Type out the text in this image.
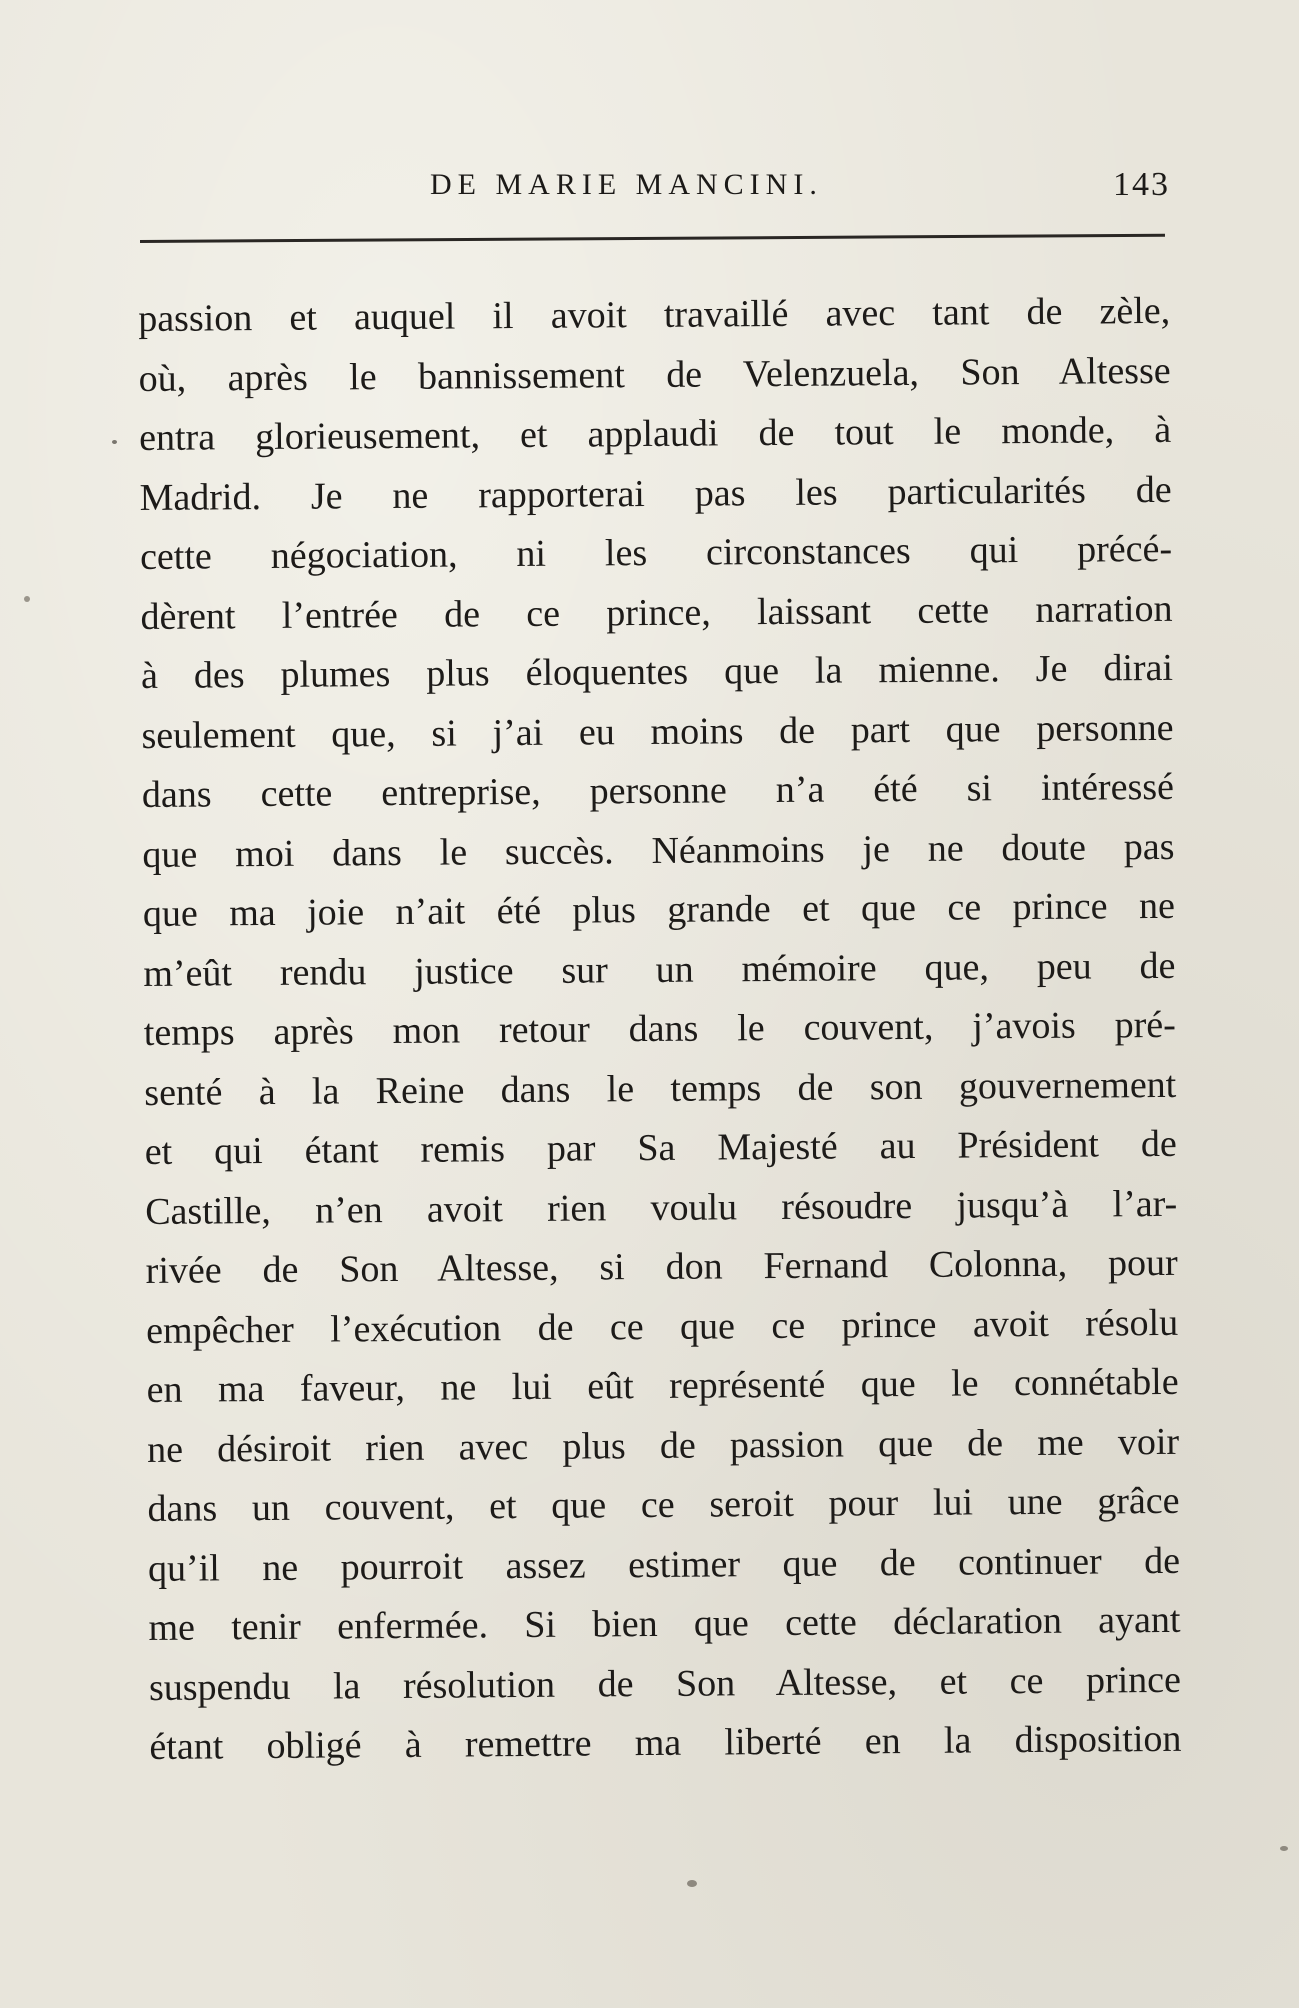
DE MARIE MANCINI.	143
passion et auquel il avoit travaillé avec tant de zèle,
où, après le bannissement de Velenzuela, Son Altesse
entra glorieusement, et applaudi de tout le monde, à
Madrid. Je ne rapporterai pas les particularités de
cette négociation, ni les circonstances qui précé-
dèrent l’entrée de ce prince, laissant cette narration
à des plumes plus éloquentes que la mienne. Je dirai
seulement que, si j’ai eu moins de part que personne
dans cette entreprise, personne n’a été si intéressé
que moi dans le succès. Néanmoins je ne doute pas
que ma joie n’ait été plus grande et que ce prince ne
m’eût rendu justice sur un mémoire que, peu de
temps après mon retour dans le couvent, j’avois pré-
senté à la Reine dans le temps de son gouvernement
et qui étant remis par Sa Majesté au Président de
Castille, n’en avoit rien voulu résoudre jusqu’à l’ar-
rivée de Son Altesse, si don Fernand Colonna, pour
empêcher l’exécution de ce que ce prince avoit résolu
en ma faveur, ne lui eût représenté que le connétable
ne désiroit rien avec plus de passion que de me voir
dans un couvent, et que ce seroit pour lui une grâce
qu’il ne pourroit assez estimer que de continuer de
me tenir enfermée. Si bien que cette déclaration ayant
suspendu la résolution de Son Altesse, et ce prince
étant obligé à remettre ma liberté en la disposition
